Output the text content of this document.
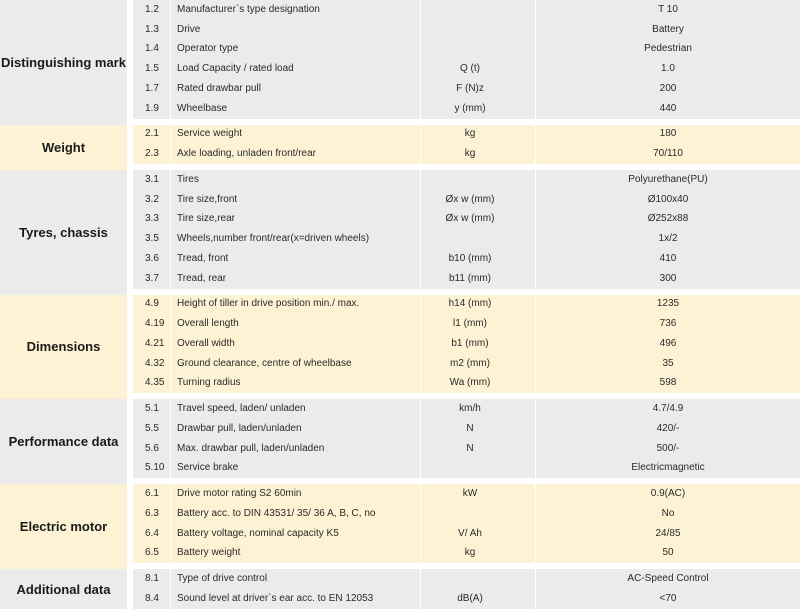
Distinguishing mark	1.2	Manufacturer`s type designation		T 10
	1.3	Drive		Battery
	1.4	Operator type		Pedestrian
	1.5	Load Capacity / rated load	Q (t)	1.0
	1.7	Rated drawbar pull	F (N)z	200
	1.9	Wheelbase	y (mm)	440
Weight	2.1	Service weight	kg	180
	2.3	Axle loading, unladen front/rear	kg	70/110
Tyres, chassis	3.1	Tires		Polyurethane(PU)
	3.2	Tire size,front	Øx w (mm)	Ø100x40
	3.3	Tire size,rear	Øx w (mm)	Ø252x88
	3.5	Wheels,number front/rear(x=driven wheels)		1x/2
	3.6	Tread, front	b10 (mm)	410
	3.7	Tread, rear	b11 (mm)	300
Dimensions	4.9	Height of tiller in drive position min./ max.	h14 (mm)	1235
	4.19	Overall length	l1 (mm)	736
	4.21	Overall width	b1 (mm)	496
	4.32	Ground clearance, centre of wheelbase	m2 (mm)	35
	4.35	Turning radius	Wa (mm)	598
Performance data	5.1	Travel speed, laden/ unladen	km/h	4.7/4.9
	5.5	Drawbar pull, laden/unladen	N	420/-
	5.6	Max. drawbar pull, laden/unladen	N	500/-
	5.10	Service brake		Electricmagnetic
Electric motor	6.1	Drive motor rating S2 60min	kW	0.9(AC)
	6.3	Battery acc. to DIN 43531/ 35/ 36 A, B, C, no		No
	6.4	Battery voltage, nominal capacity K5	V/ Ah	24/85
	6.5	Battery weight	kg	50
Additional data	8.1	Type of drive control		AC-Speed Control
	8.4	Sound level at driver`s ear acc. to EN 12053	dB(A)	<70
